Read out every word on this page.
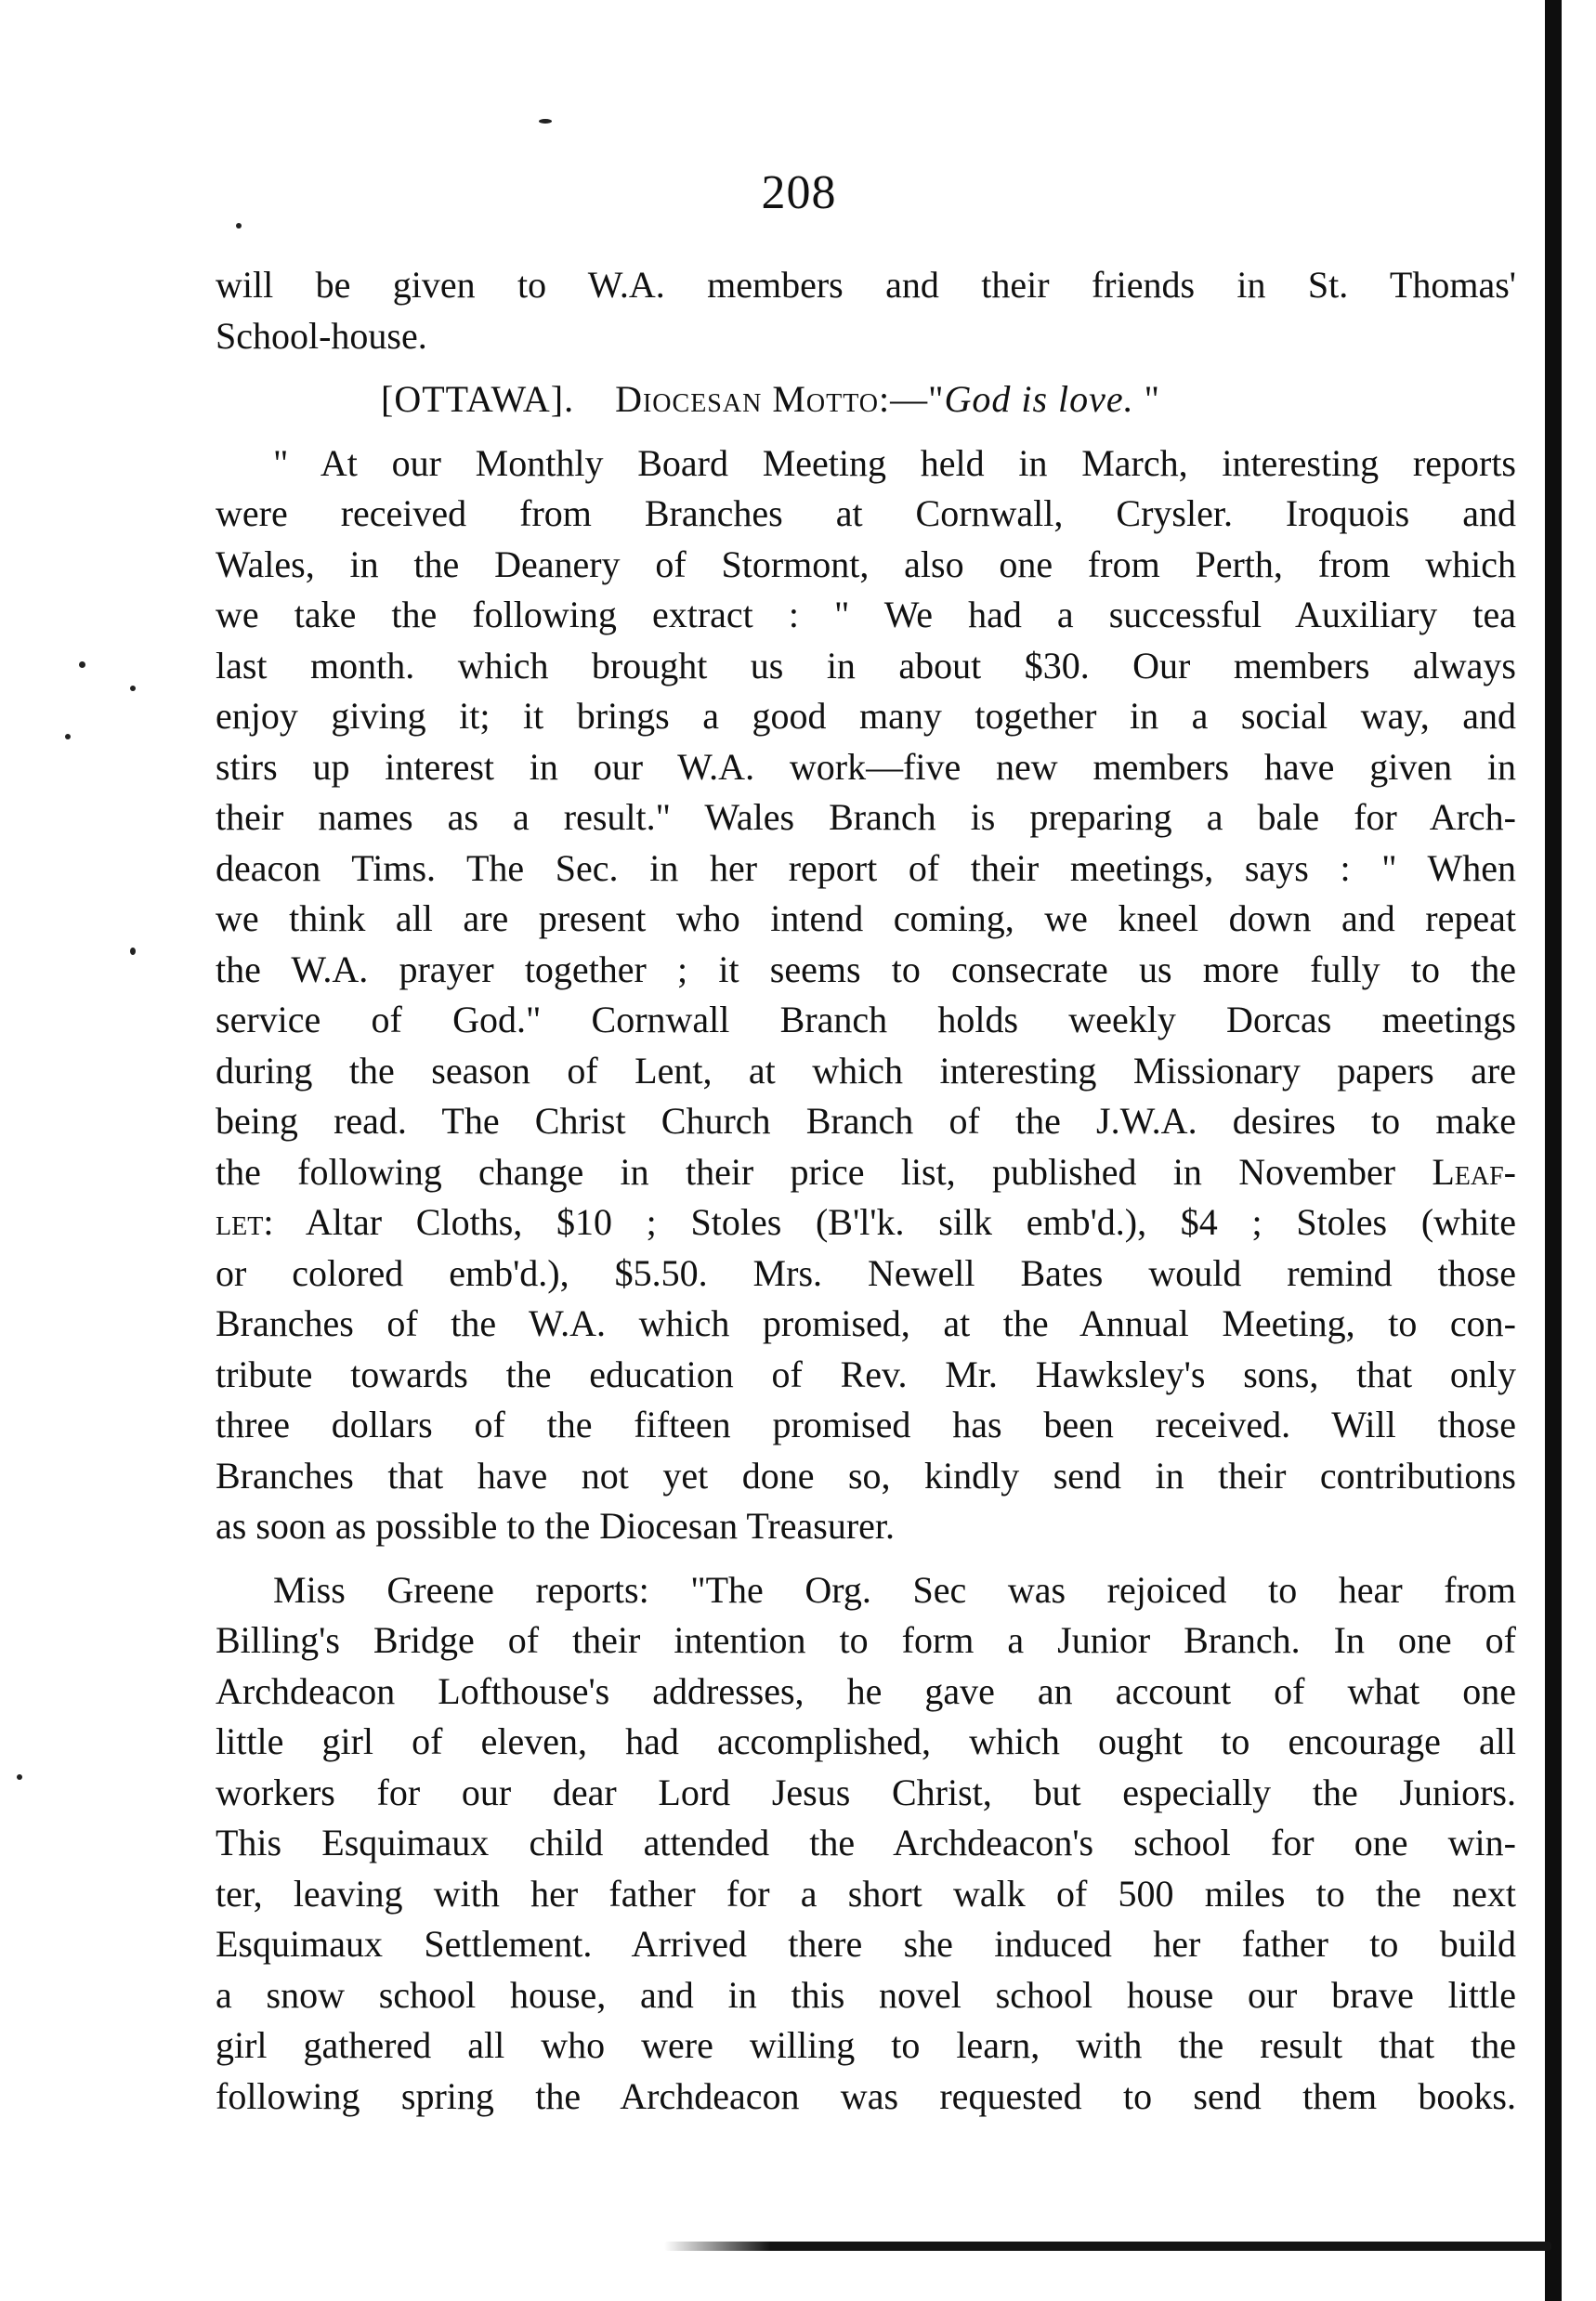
208
will be given to W.A. members and their friends in St. Thomas'
School-house.
[OTTAWA]. Diocesan Motto:—"God is love. "
" At our Monthly Board Meeting held in March, interesting reports
were received from Branches at Cornwall, Crysler. Iroquois and
Wales, in the Deanery of Stormont, also one from Perth, from which
we take the following extract : " We had a successful Auxiliary tea
last month. which brought us in about $30. Our members always
enjoy giving it; it brings a good many together in a social way, and
stirs up interest in our W.A. work—five new members have given in
their names as a result." Wales Branch is preparing a bale for Arch-
deacon Tims. The Sec. in her report of their meetings, says : " When
we think all are present who intend coming, we kneel down and repeat
the W.A. prayer together ; it seems to consecrate us more fully to the
service of God." Cornwall Branch holds weekly Dorcas meetings
during the season of Lent, at which interesting Missionary papers are
being read. The Christ Church Branch of the J.W.A. desires to make
the following change in their price list, published in November Leaf-
let: Altar Cloths, $10 ; Stoles (B'l'k. silk emb'd.), $4 ; Stoles (white
or colored emb'd.), $5.50. Mrs. Newell Bates would remind those
Branches of the W.A. which promised, at the Annual Meeting, to con-
tribute towards the education of Rev. Mr. Hawksley's sons, that only
three dollars of the fifteen promised has been received. Will those
Branches that have not yet done so, kindly send in their contributions
as soon as possible to the Diocesan Treasurer.
Miss Greene reports: "The Org. Sec was rejoiced to hear from
Billing's Bridge of their intention to form a Junior Branch. In one of
Archdeacon Lofthouse's addresses, he gave an account of what one
little girl of eleven, had accomplished, which ought to encourage all
workers for our dear Lord Jesus Christ, but especially the Juniors.
This Esquimaux child attended the Archdeacon's school for one win-
ter, leaving with her father for a short walk of 500 miles to the next
Esquimaux Settlement. Arrived there she induced her father to build
a snow school house, and in this novel school house our brave little
girl gathered all who were willing to learn, with the result that the
following spring the Archdeacon was requested to send them books.
